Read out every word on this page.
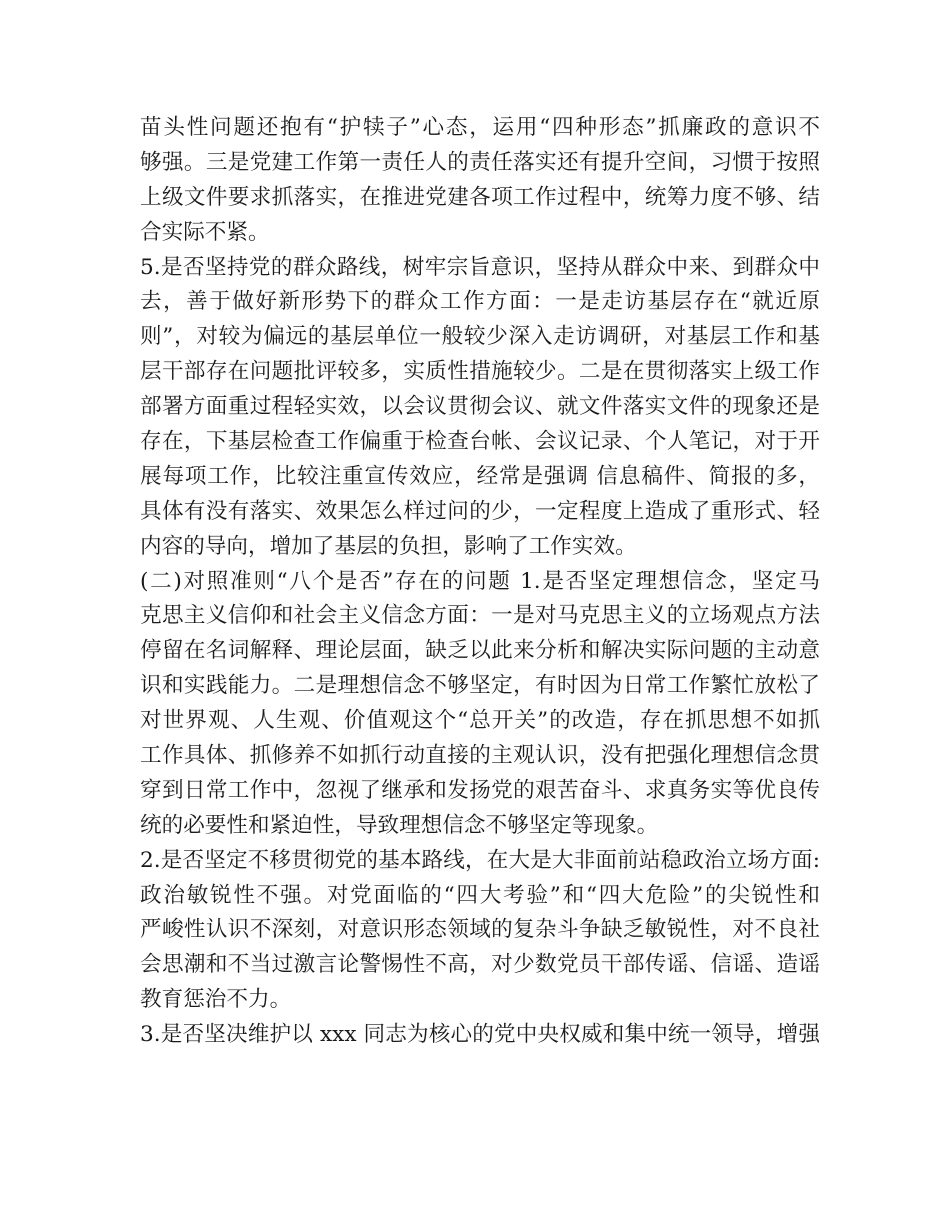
苗头性问题还抱有“护犊子”心态，运用“四种形态”抓廉政的意识不
够强。三是党建工作第一责任人的责任落实还有提升空间，习惯于按照
上级文件要求抓落实，在推进党建各项工作过程中，统筹力度不够、结
合实际不紧。
5.是否坚持党的群众路线，树牢宗旨意识，坚持从群众中来、到群众中
去，善于做好新形势下的群众工作方面：一是走访基层存在“就近原
则”，对较为偏远的基层单位一般较少深入走访调研，对基层工作和基
层干部存在问题批评较多，实质性措施较少。二是在贯彻落实上级工作
部署方面重过程轻实效，以会议贯彻会议、就文件落实文件的现象还是
存在，下基层检查工作偏重于检查台帐、会议记录、个人笔记，对于开
展每项工作，比较注重宣传效应，经常是强调 信息稿件、简报的多，
具体有没有落实、效果怎么样过问的少，一定程度上造成了重形式、轻
内容的导向，增加了基层的负担，影响了工作实效。
(二)对照准则“八个是否”存在的问题 1.是否坚定理想信念，坚定马
克思主义信仰和社会主义信念方面：一是对马克思主义的立场观点方法
停留在名词解释、理论层面，缺乏以此来分析和解决实际问题的主动意
识和实践能力。二是理想信念不够坚定，有时因为日常工作繁忙放松了
对世界观、人生观、价值观这个“总开关”的改造，存在抓思想不如抓
工作具体、抓修养不如抓行动直接的主观认识，没有把强化理想信念贯
穿到日常工作中，忽视了继承和发扬党的艰苦奋斗、求真务实等优良传
统的必要性和紧迫性，导致理想信念不够坚定等现象。
2.是否坚定不移贯彻党的基本路线，在大是大非面前站稳政治立场方面:
政治敏锐性不强。对党面临的“四大考验”和“四大危险”的尖锐性和
严峻性认识不深刻，对意识形态领域的复杂斗争缺乏敏锐性，对不良社
会思潮和不当过激言论警惕性不高，对少数党员干部传谣、信谣、造谣
教育惩治不力。
3.是否坚决维护以 xxx 同志为核心的党中央权威和集中统一领导，增强
